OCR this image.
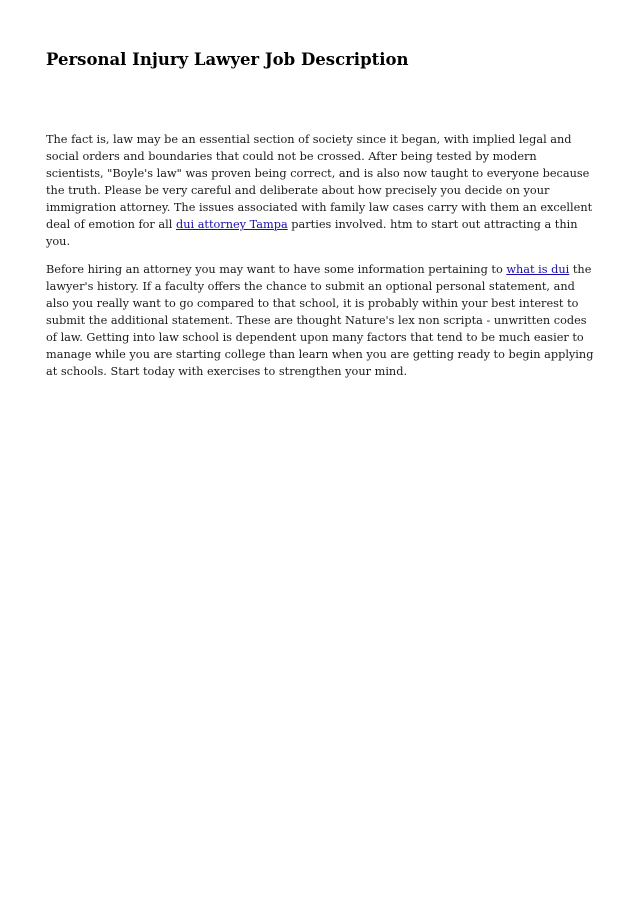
Personal Injury Lawyer Job Description

The fact is, law may be an essential section of society since it began, with implied legal and social orders and boundaries that could not be crossed. After being tested by modern scientists, "Boyle's law" was proven being correct, and is also now taught to everyone because the truth. Please be very careful and deliberate about how precisely you decide on your immigration attorney. The issues associated with family law cases carry with them an excellent deal of emotion for all dui attorney Tampa parties involved. htm to start out attracting a thin you.

Before hiring an attorney you may want to have some information pertaining to what is dui the lawyer's history. If a faculty offers the chance to submit an optional personal statement, and also you really want to go compared to that school, it is probably within your best interest to submit the additional statement. These are thought Nature's lex non scripta - unwritten codes of law. Getting into law school is dependent upon many factors that tend to be much easier to manage while you are starting college than learn when you are getting ready to begin applying at schools. Start today with exercises to strengthen your mind.
